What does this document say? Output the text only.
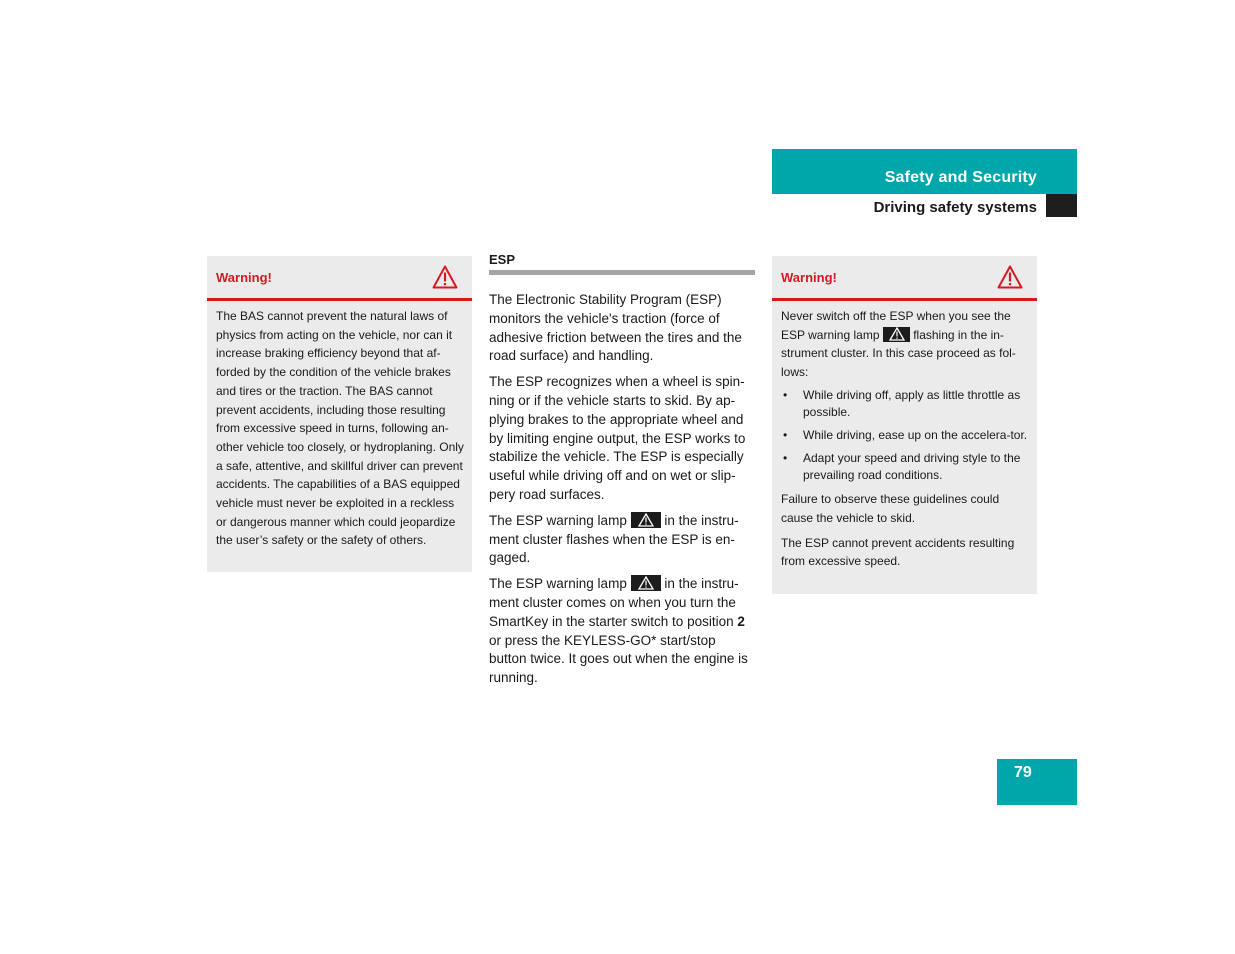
Safety and Security
Driving safety systems
Warning!

The BAS cannot prevent the natural laws of physics from acting on the vehicle, nor can it increase braking efficiency beyond that af-forded by the condition of the vehicle brakes and tires or the traction. The BAS cannot prevent accidents, including those resulting from excessive speed in turns, following an-other vehicle too closely, or hydroplaning. Only a safe, attentive, and skillful driver can prevent accidents. The capabilities of a BAS equipped vehicle must never be exploited in a reckless or dangerous manner which could jeopardize the user’s safety or the safety of others.

ESP

The Electronic Stability Program (ESP) monitors the vehicle's traction (force of adhesive friction between the tires and the road surface) and handling.

The ESP recognizes when a wheel is spin-ning or if the vehicle starts to skid. By ap-plying brakes to the appropriate wheel and by limiting engine output, the ESP works to stabilize the vehicle. The ESP is especially useful while driving off and on wet or slip-pery road surfaces.

The ESP warning lamp	in the instru-ment cluster flashes when the ESP is en-gaged.

The ESP warning lamp	in the instru-ment cluster comes on when you turn the SmartKey in the starter switch to position 2 or press the KEYLESS-GO* start/stop button twice. It goes out when the engine is running.

Warning!

Never switch off the ESP when you see the ESP warning lamp	flashing in the in-strument cluster. In this case proceed as fol-lows:

• While driving off, apply as little throttle as possible.
• While driving, ease up on the accelera-tor.
• Adapt your speed and driving style to the prevailing road conditions.

Failure to observe these guidelines could cause the vehicle to skid.

The ESP cannot prevent accidents resulting from excessive speed.

79
